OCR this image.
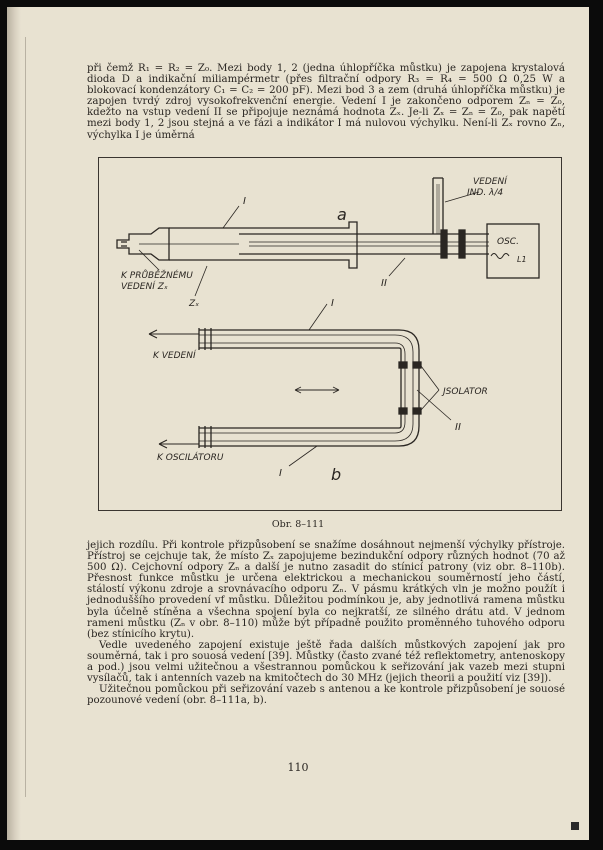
při čemž R₁ = R₂ = Z₀. Mezi body 1, 2 (jedna úhlopříčka můstku) je zapojena krystalová dioda D a indikační miliampérmetr (přes filtrační odpory R₃ = R₄ = 500 Ω 0,25 W a blokovací kondenzátory C₁ = C₂ = 200 pF). Mezi bod 3 a zem (druhá úhlopříčka můstku) je zapojen tvrdý zdroj vysokofrekvenční energie. Vedení I je zakončeno odporem Zₙ = Z₀, kdežto na vstup vedení II se připojuje neznámá hodnota Zₓ. Je-li Zₓ = Zₙ = Z₀, pak napětí mezi body 1, 2 jsou stejná a ve fázi a indikátor I má nulovou výchylku. Není-li Zₓ rovno Zₙ, výchylka I je úměrná

a
I
II
VEDENÍ
IND. λ/4
OSC.
L1
Zₓ
K PRŮBĚŽNÉMU
VEDENÍ Zₓ
I
II
I
K VEDENÍ
K OSCILÁTORU
JSOLATOR
b
Obr. 8–111

jejich rozdílu. Při kontrole přizpůsobení se snažíme dosáhnout nejmenší výchylky přístroje. Přístroj se cejchuje tak, že místo Zₓ zapojujeme bezindukční odpory různých hodnot (70 až 500 Ω). Cejchovní odpory Zₙ a další je nutno zasadit do stínicí patrony (viz obr. 8–110b). Přesnost funkce můstku je určena elektrickou a mechanickou souměrností jeho částí, stálostí výkonu zdroje a srovnávacího odporu Zₙ. V pásmu krátkých vln je možno použít i jednoduššího provedení vf můstku. Důležitou podmínkou je, aby jednotlivá ramena můstku byla účelně stíněna a všechna spojení byla co nejkratší, ze silného drátu atd. V jednom rameni můstku (Zₙ v obr. 8–110) může být případně použito proměnného tuhového odporu (bez stínicího krytu).

Vedle uvedeného zapojení existuje ještě řada dalších můstkových zapojení jak pro souměrná, tak i pro souosá vedení [39]. Můstky (často zvané též reflektometry, antenoskopy a pod.) jsou velmi užitečnou a všestrannou pomůckou k seřizování jak vazeb mezi stupni vysílačů, tak i antenních vazeb na kmitočtech do 30 MHz (jejich theorii a použití viz [39]).

Užitečnou pomůckou při seřizování vazeb s antenou a ke kontrole přizpůsobení je souosé pozounové vedení (obr. 8–111a, b).

110
